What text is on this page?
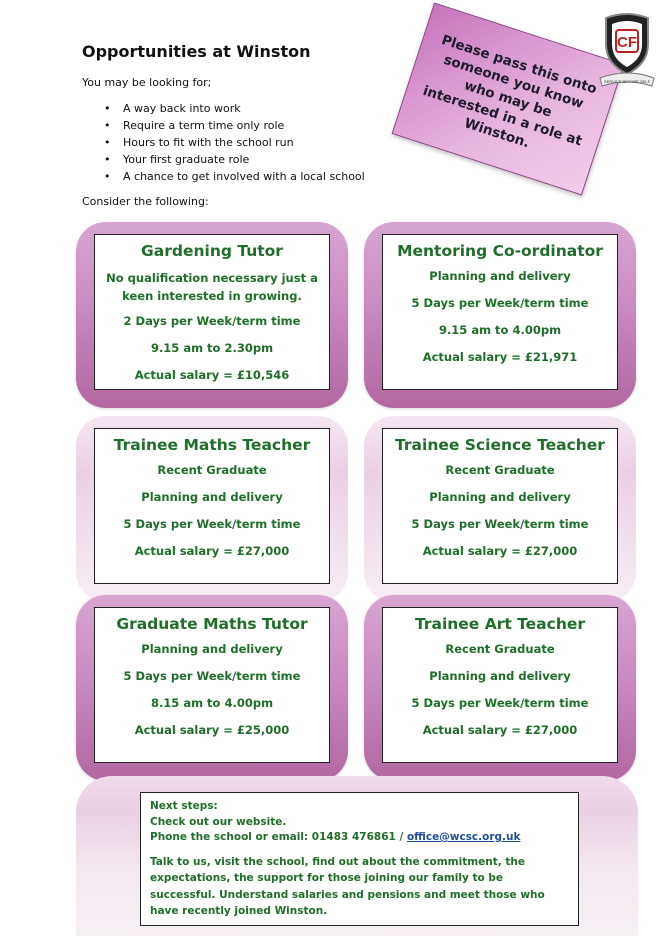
Opportunities at Winston
You may be looking for;
• A way back into work
• Require a term time only role
• Hours to fit with the school run
• Your first graduate role
• A chance to get involved with a local school
Consider the following:
Please pass this onto someone you know who may be interested in a role at Winston.
CF
SERVICE BEFORE SELF
Gardening Tutor
No qualification necessary just a keen interested in growing.
2 Days per Week/term time
9.15 am to 2.30pm
Actual salary = £10,546
Mentoring Co-ordinator
Planning and delivery
5 Days per Week/term time
9.15 am to 4.00pm
Actual salary = £21,971
Trainee Maths Teacher
Recent Graduate
Planning and delivery
5 Days per Week/term time
Actual salary = £27,000
Trainee Science Teacher
Recent Graduate
Planning and delivery
5 Days per Week/term time
Actual salary = £27,000
Graduate Maths Tutor
Planning and delivery
5 Days per Week/term time
8.15 am to 4.00pm
Actual salary = £25,000
Trainee Art Teacher
Recent Graduate
Planning and delivery
5 Days per Week/term time
Actual salary = £27,000

Next steps:

Check out our website.

Phone the school or email: 01483 476861 / office@wcsc.org.uk

Talk to us, visit the school, find out about the commitment, the expectations, the support for those joining our family to be successful. Understand salaries and pensions and meet those who have recently joined Winston.
